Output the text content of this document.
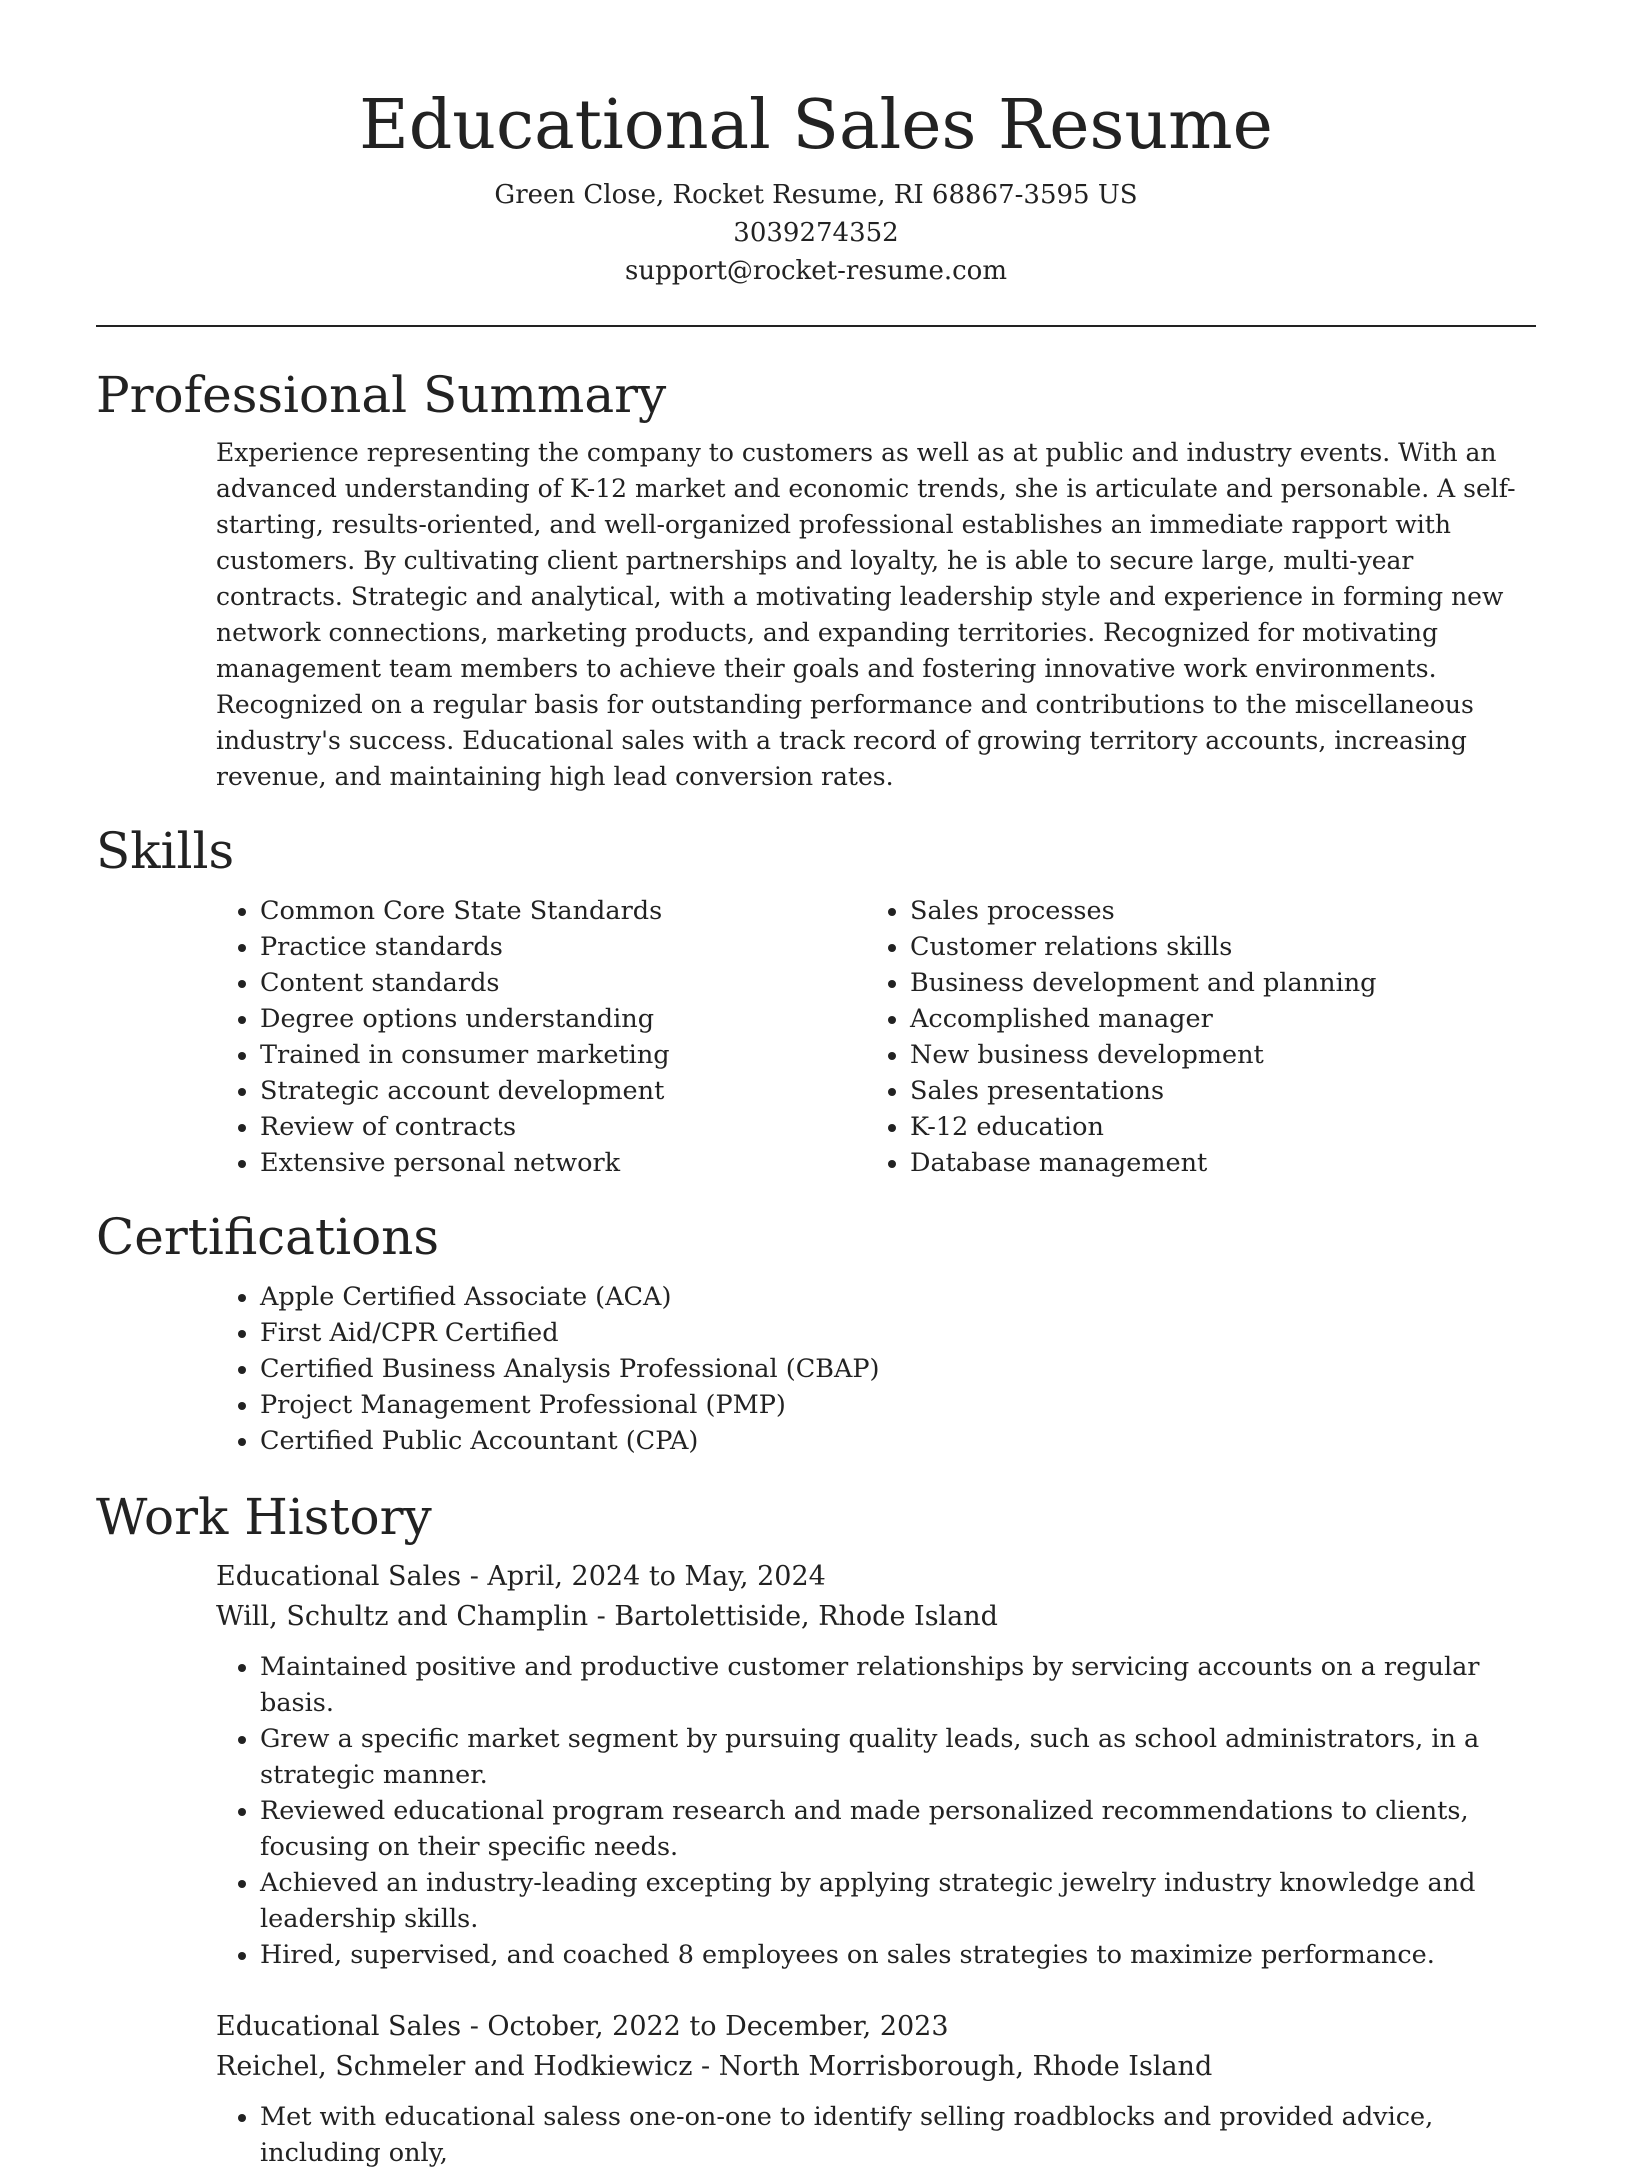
Educational Sales Resume
Green Close, Rocket Resume, RI 68867-3595 US
3039274352
support@rocket-resume.com
Professional Summary

Experience representing the company to customers as well as at public and industry events. With an advanced understanding of K-12 market and economic trends, she is articulate and personable. A self-starting, results-oriented, and well-organized professional establishes an immediate rapport with customers. By cultivating client partnerships and loyalty, he is able to secure large, multi-year contracts. Strategic and analytical, with a motivating leadership style and experience in forming new network connections, marketing products, and expanding territories. Recognized for motivating management team members to achieve their goals and fostering innovative work environments. Recognized on a regular basis for outstanding performance and contributions to the miscellaneous industry's success. Educational sales with a track record of growing territory accounts, increasing revenue, and maintaining high lead conversion rates.

Skills
• Common Core State Standards
• Practice standards
• Content standards
• Degree options understanding
• Trained in consumer marketing
• Strategic account development
• Review of contracts
• Extensive personal network
• Sales processes
• Customer relations skills
• Business development and planning
• Accomplished manager
• New business development
• Sales presentations
• K-12 education
• Database management
Certifications
• Apple Certified Associate (ACA)
• First Aid/CPR Certified
• Certified Business Analysis Professional (CBAP)
• Project Management Professional (PMP)
• Certified Public Accountant (CPA)
Work History
Educational Sales - April, 2024 to May, 2024
Will, Schultz and Champlin - Bartolettiside, Rhode Island
• Maintained positive and productive customer relationships by servicing accounts on a regular basis.
• Grew a specific market segment by pursuing quality leads, such as school administrators, in a strategic manner.
• Reviewed educational program research and made personalized recommendations to clients, focusing on their specific needs.
• Achieved an industry-leading excepting by applying strategic jewelry industry knowledge and leadership skills.
• Hired, supervised, and coached 8 employees on sales strategies to maximize performance.
Educational Sales - October, 2022 to December, 2023
Reichel, Schmeler and Hodkiewicz - North Morrisborough, Rhode Island
• Met with educational saless one-on-one to identify selling roadblocks and provided advice, including only,
